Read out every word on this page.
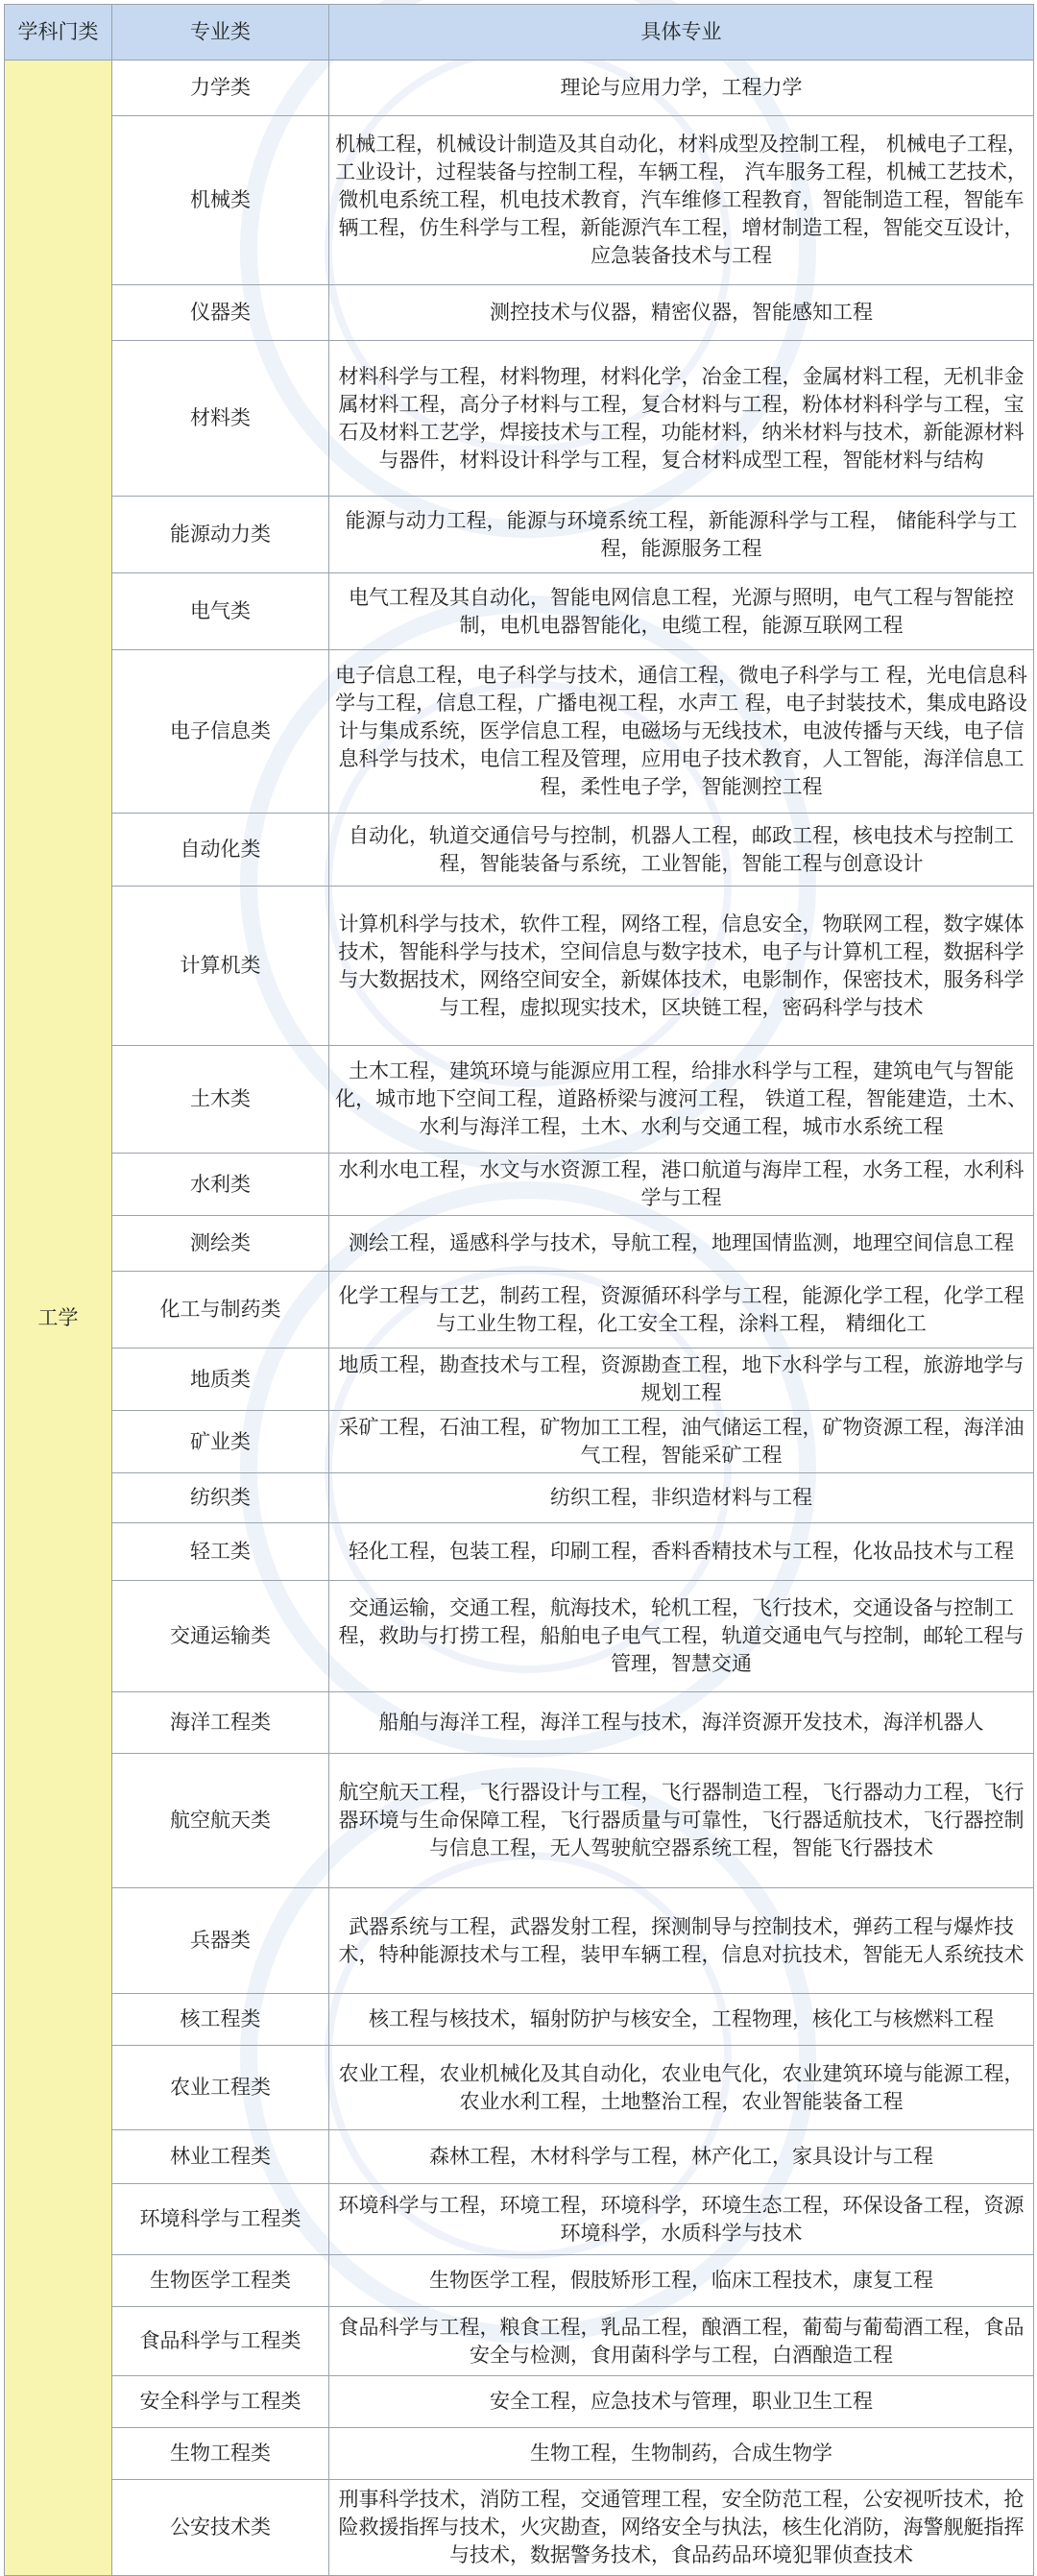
学科门类	专业类	具体专业
工学	力学类	理论与应用力学，工程力学
	机械类	机械工程，机械设计制造及其自动化，材料成型及控制工程， 机械电子工程，工业设计，过程装备与控制工程，车辆工程， 汽车服务工程，机械工艺技术，微机电系统工程，机电技术教育，汽车维修工程教育，智能制造工程，智能车辆工程，仿生科学与工程，新能源汽车工程，增材制造工程，智能交互设计，应急装备技术与工程
	仪器类	测控技术与仪器，精密仪器，智能感知工程
	材料类	材料科学与工程，材料物理，材料化学，冶金工程，金属材料工程，无机非金属材料工程，高分子材料与工程，复合材料与工程，粉体材料科学与工程，宝石及材料工艺学，焊接技术与工程，功能材料，纳米材料与技术，新能源材料与器件，材料设计科学与工程，复合材料成型工程，智能材料与结构
	能源动力类	能源与动力工程，能源与环境系统工程，新能源科学与工程， 储能科学与工程，能源服务工程
	电气类	电气工程及其自动化，智能电网信息工程，光源与照明，电气工程与智能控制，电机电器智能化，电缆工程，能源互联网工程
	电子信息类	电子信息工程，电子科学与技术，通信工程，微电子科学与工 程，光电信息科学与工程，信息工程，广播电视工程，水声工 程，电子封装技术，集成电路设计与集成系统，医学信息工程，电磁场与无线技术，电波传播与天线，电子信息科学与技术，电信工程及管理，应用电子技术教育，人工智能，海洋信息工程，柔性电子学，智能测控工程
	自动化类	自动化，轨道交通信号与控制，机器人工程，邮政工程，核电技术与控制工程，智能装备与系统，工业智能，智能工程与创意设计
	计算机类	计算机科学与技术，软件工程，网络工程，信息安全，物联网工程，数字媒体技术，智能科学与技术，空间信息与数字技术，电子与计算机工程，数据科学与大数据技术，网络空间安全，新媒体技术，电影制作，保密技术，服务科学与工程，虚拟现实技术，区块链工程，密码科学与技术
	土木类	土木工程，建筑环境与能源应用工程，给排水科学与工程，建筑电气与智能化，城市地下空间工程，道路桥梁与渡河工程， 铁道工程，智能建造，土木、水利与海洋工程，土木、水利与交通工程，城市水系统工程
	水利类	水利水电工程，水文与水资源工程，港口航道与海岸工程，水务工程，水利科学与工程
	测绘类	测绘工程，遥感科学与技术，导航工程，地理国情监测，地理空间信息工程
	化工与制药类	化学工程与工艺，制药工程，资源循环科学与工程，能源化学工程，化学工程与工业生物工程，化工安全工程，涂料工程， 精细化工
	地质类	地质工程，勘查技术与工程，资源勘查工程，地下水科学与工程，旅游地学与规划工程
	矿业类	采矿工程，石油工程，矿物加工工程，油气储运工程，矿物资源工程，海洋油气工程，智能采矿工程
	纺织类	纺织工程，非织造材料与工程
	轻工类	轻化工程，包装工程，印刷工程，香料香精技术与工程，化妆品技术与工程
	交通运输类	交通运输，交通工程，航海技术，轮机工程，飞行技术，交通设备与控制工程，救助与打捞工程，船舶电子电气工程，轨道交通电气与控制，邮轮工程与管理，智慧交通
	海洋工程类	船舶与海洋工程，海洋工程与技术，海洋资源开发技术，海洋机器人
	航空航天类	航空航天工程，飞行器设计与工程，飞行器制造工程，飞行器动力工程，飞行器环境与生命保障工程，飞行器质量与可靠性，飞行器适航技术，飞行器控制与信息工程，无人驾驶航空器系统工程，智能飞行器技术
	兵器类	武器系统与工程，武器发射工程，探测制导与控制技术，弹药工程与爆炸技术，特种能源技术与工程，装甲车辆工程，信息对抗技术，智能无人系统技术
	核工程类	核工程与核技术，辐射防护与核安全，工程物理，核化工与核燃料工程
	农业工程类	农业工程，农业机械化及其自动化，农业电气化，农业建筑环境与能源工程，农业水利工程，土地整治工程，农业智能装备工程
	林业工程类	森林工程，木材科学与工程，林产化工，家具设计与工程
	环境科学与工程类	环境科学与工程，环境工程，环境科学，环境生态工程，环保设备工程，资源环境科学，水质科学与技术
	生物医学工程类	生物医学工程，假肢矫形工程，临床工程技术，康复工程
	食品科学与工程类	食品科学与工程，粮食工程，乳品工程，酿酒工程，葡萄与葡萄酒工程，食品安全与检测，食用菌科学与工程，白酒酿造工程
	安全科学与工程类	安全工程，应急技术与管理，职业卫生工程
	生物工程类	生物工程，生物制药，合成生物学
	公安技术类	刑事科学技术，消防工程，交通管理工程，安全防范工程，公安视听技术，抢险救援指挥与技术，火灾勘查，网络安全与执法，核生化消防，海警舰艇指挥与技术，数据警务技术，食品药品环境犯罪侦查技术
